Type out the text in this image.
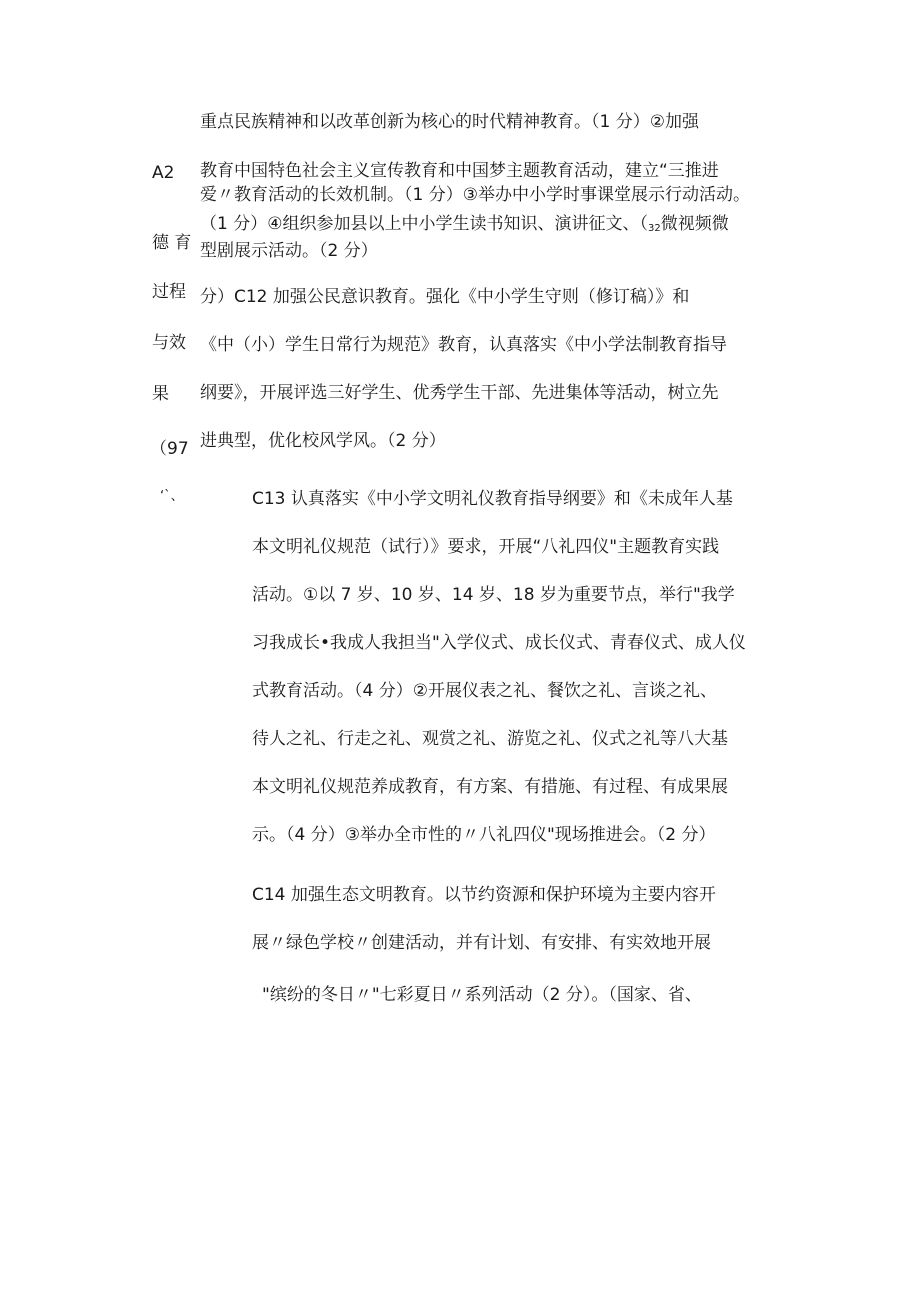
A2
德 育
过程
与效
果
（97
‘`、
重点民族精神和以改革创新为核心的时代精神教育。（1 分）②加强
教育中国特色社会主义宣传教育和中国梦主题教育活动，建立“三推进
爱〃教育活动的长效机制。（1 分）③举办中小学时事课堂展示行动活动。
（1 分）④组织参加县以上中小学生读书知识、演讲征文、（$_{32}$微视频微
型剧展示活动。（2 分）
分）C12 加强公民意识教育。强化《中小学生守则（修订稿）》和
《中（小）学生日常行为规范》教育，认真落实《中小学法制教育指导
纲要》，开展评选三好学生、优秀学生干部、先进集体等活动，树立先
进典型，优化校风学风。（2 分）
C13 认真落实《中小学文明礼仪教育指导纲要》和《未成年人基
本文明礼仪规范（试行）》要求，开展“八礼四仪"主题教育实践
活动。①以 7 岁、10 岁、14 岁、18 岁为重要节点，举行"我学
习我成长•我成人我担当"入学仪式、成长仪式、青春仪式、成人仪
式教育活动。（4 分）②开展仪表之礼、餐饮之礼、言谈之礼、
待人之礼、行走之礼、观赏之礼、游览之礼、仪式之礼等八大基
本文明礼仪规范养成教育，有方案、有措施、有过程、有成果展
示。（4 分）③举办全市性的〃八礼四仪"现场推进会。（2 分）
C14 加强生态文明教育。以节约资源和保护环境为主要内容开
展〃绿色学校〃创建活动，并有计划、有安排、有实效地开展
"缤纷的冬日〃"七彩夏日〃系列活动（2 分）。（国家、省、
